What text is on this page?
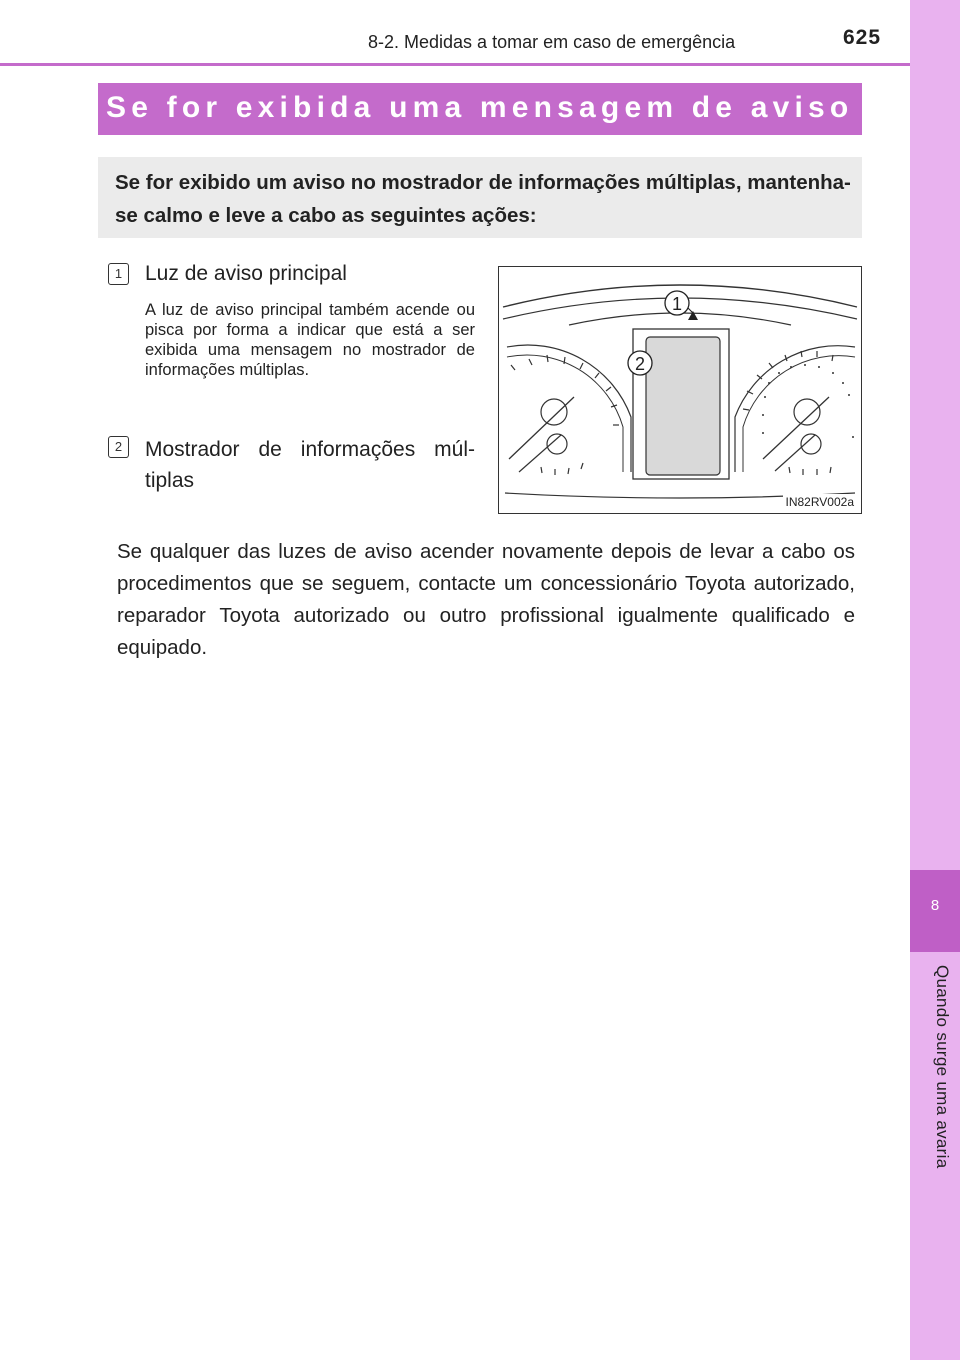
8
Quando surge uma avaria
8-2. Medidas a tomar em caso de emergência	625
Se for exibida uma mensagem de aviso
Se for exibido um aviso no mostrador de informações múltiplas, mantenha-se calmo e leve a cabo as seguintes ações:
1	Luz de aviso principal
A luz de aviso principal também acende ou pisca por forma a indicar que está a ser exibida uma mensagem no mostrador de informações múltiplas.
2	Mostrador de informações múltiplas
1
2
IN82RV002a
Se qualquer das luzes de aviso acender novamente depois de levar a cabo os procedimentos que se seguem, contacte um concessionário Toyota autorizado, reparador Toyota autorizado ou outro profissional igualmente qualificado e equipado.
